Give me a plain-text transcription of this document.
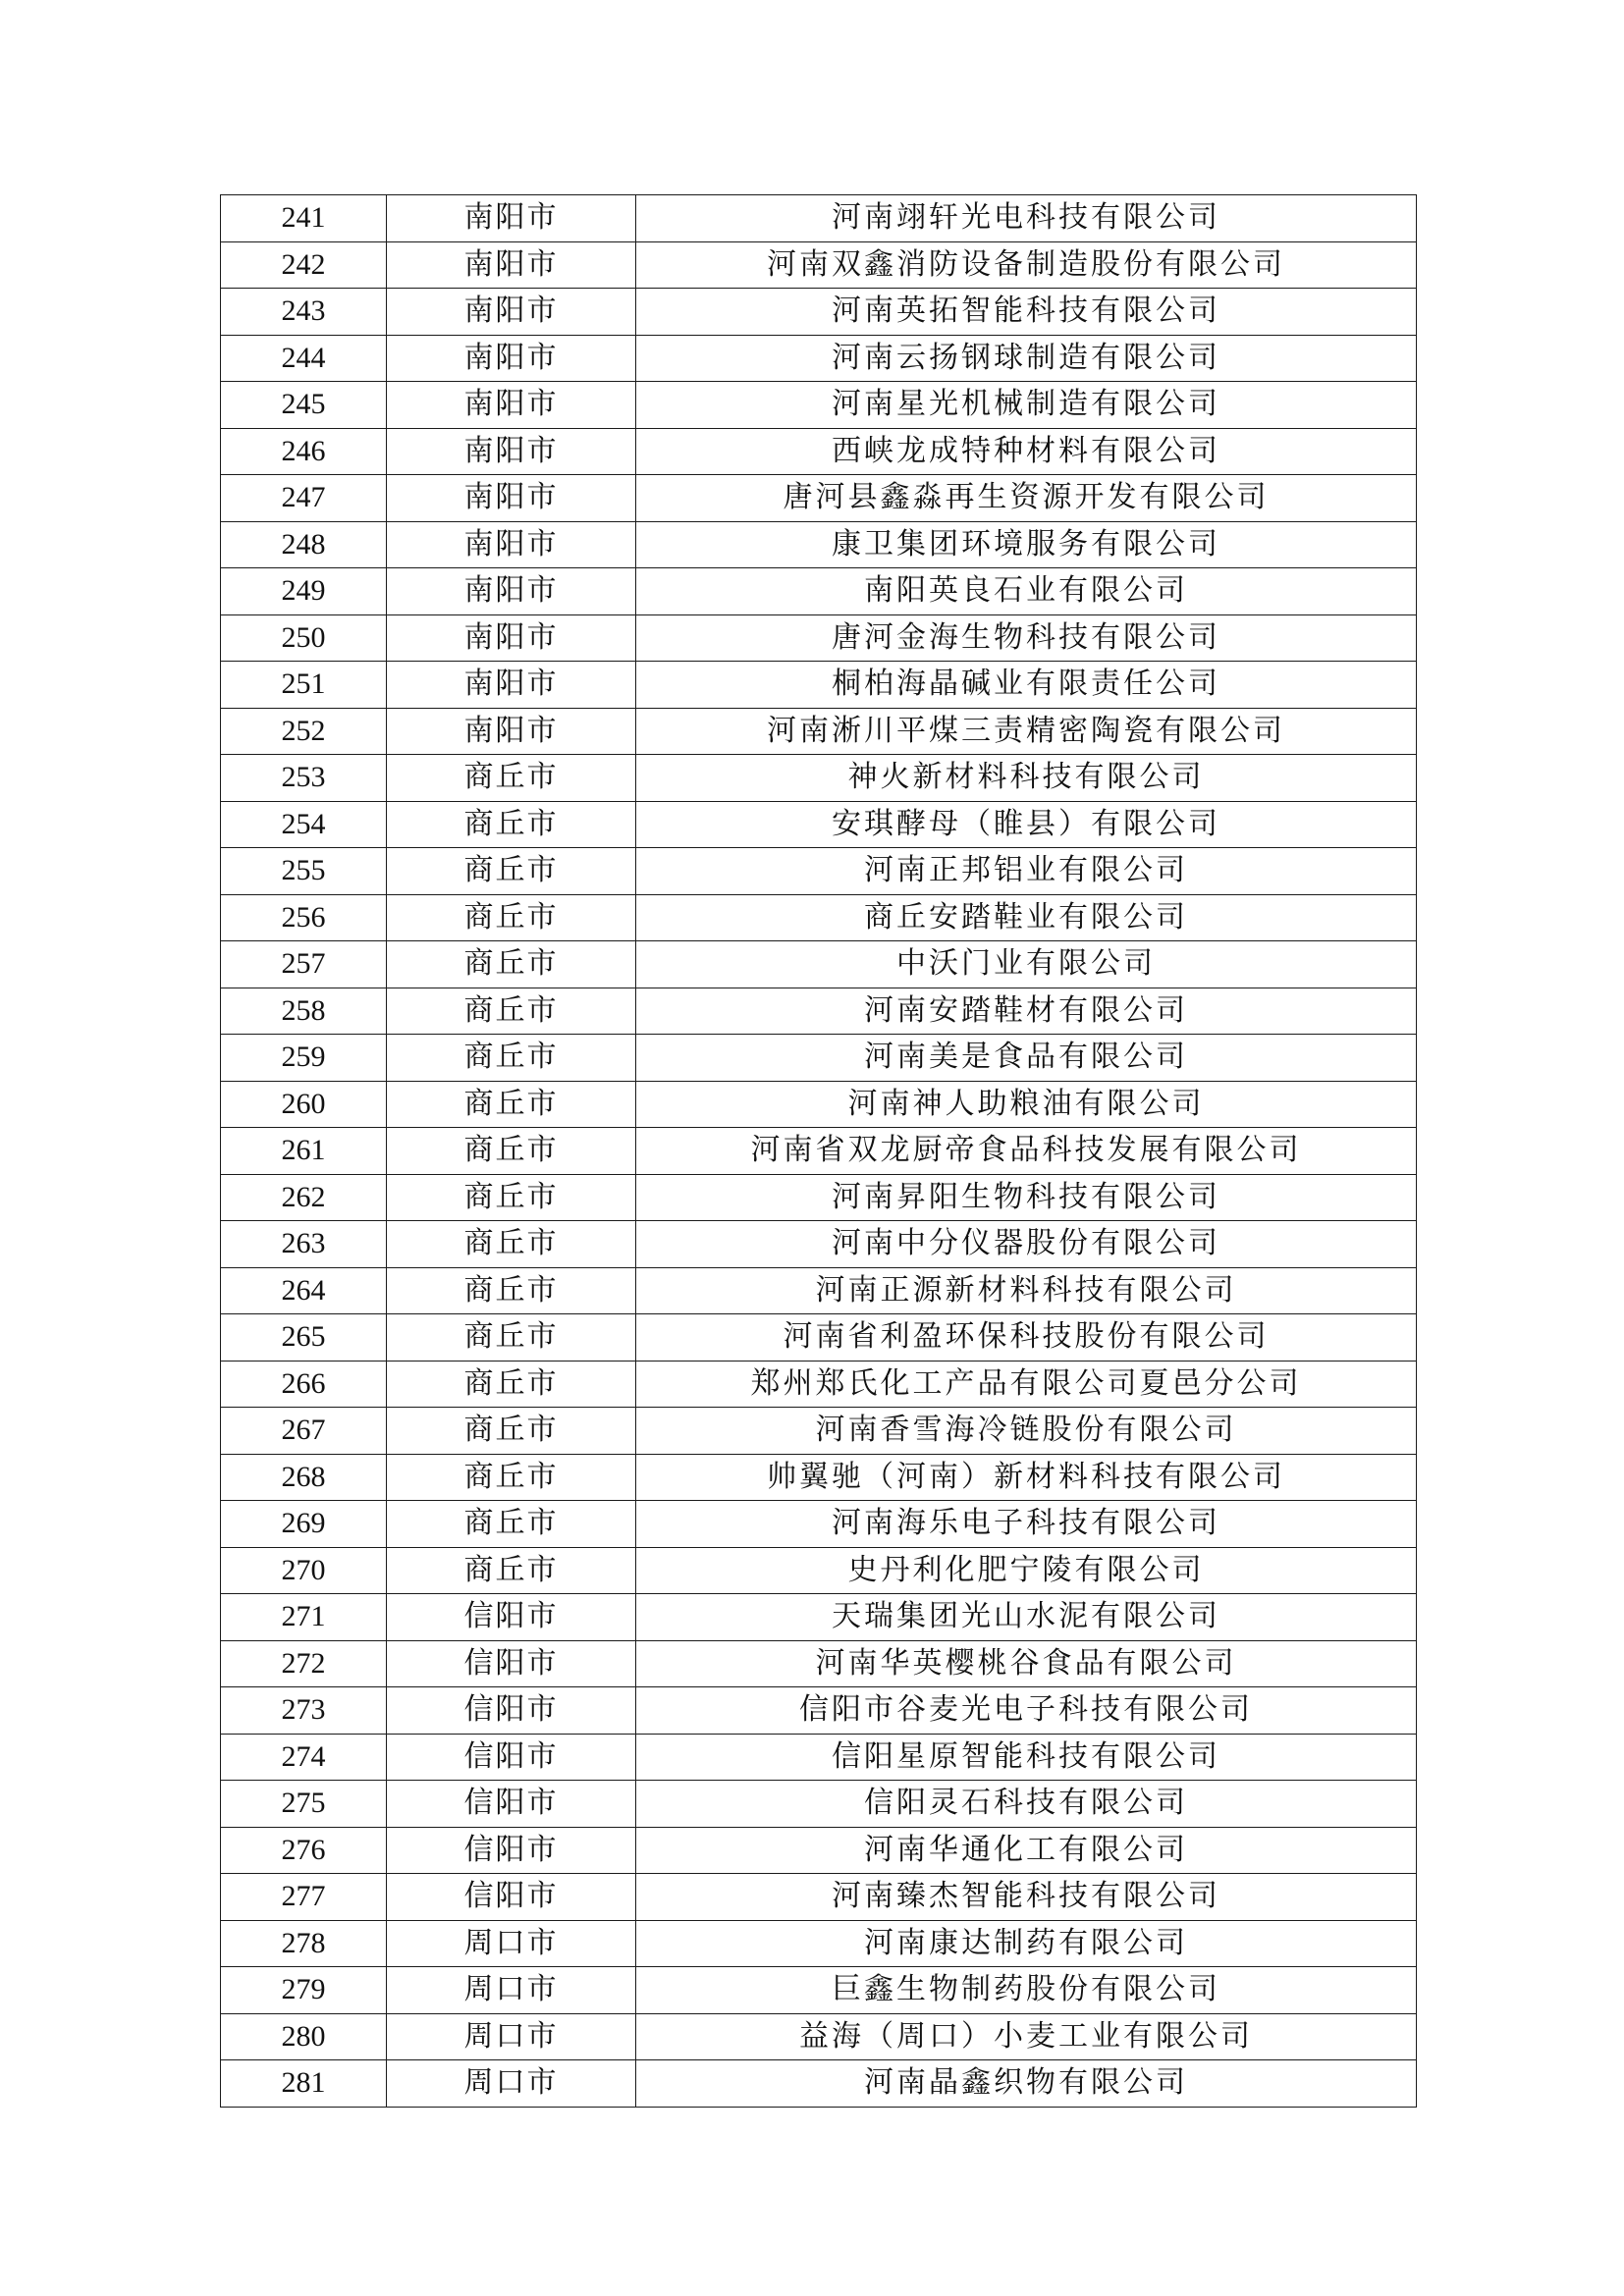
241	南阳市	河南翊轩光电科技有限公司
242	南阳市	河南双鑫消防设备制造股份有限公司
243	南阳市	河南英拓智能科技有限公司
244	南阳市	河南云扬钢球制造有限公司
245	南阳市	河南星光机械制造有限公司
246	南阳市	西峡龙成特种材料有限公司
247	南阳市	唐河县鑫淼再生资源开发有限公司
248	南阳市	康卫集团环境服务有限公司
249	南阳市	南阳英良石业有限公司
250	南阳市	唐河金海生物科技有限公司
251	南阳市	桐柏海晶碱业有限责任公司
252	南阳市	河南淅川平煤三责精密陶瓷有限公司
253	商丘市	神火新材料科技有限公司
254	商丘市	安琪酵母（睢县）有限公司
255	商丘市	河南正邦铝业有限公司
256	商丘市	商丘安踏鞋业有限公司
257	商丘市	中沃门业有限公司
258	商丘市	河南安踏鞋材有限公司
259	商丘市	河南美是食品有限公司
260	商丘市	河南神人助粮油有限公司
261	商丘市	河南省双龙厨帝食品科技发展有限公司
262	商丘市	河南昇阳生物科技有限公司
263	商丘市	河南中分仪器股份有限公司
264	商丘市	河南正源新材料科技有限公司
265	商丘市	河南省利盈环保科技股份有限公司
266	商丘市	郑州郑氏化工产品有限公司夏邑分公司
267	商丘市	河南香雪海冷链股份有限公司
268	商丘市	帅翼驰（河南）新材料科技有限公司
269	商丘市	河南海乐电子科技有限公司
270	商丘市	史丹利化肥宁陵有限公司
271	信阳市	天瑞集团光山水泥有限公司
272	信阳市	河南华英樱桃谷食品有限公司
273	信阳市	信阳市谷麦光电子科技有限公司
274	信阳市	信阳星原智能科技有限公司
275	信阳市	信阳灵石科技有限公司
276	信阳市	河南华通化工有限公司
277	信阳市	河南臻杰智能科技有限公司
278	周口市	河南康达制药有限公司
279	周口市	巨鑫生物制药股份有限公司
280	周口市	益海（周口）小麦工业有限公司
281	周口市	河南晶鑫织物有限公司
